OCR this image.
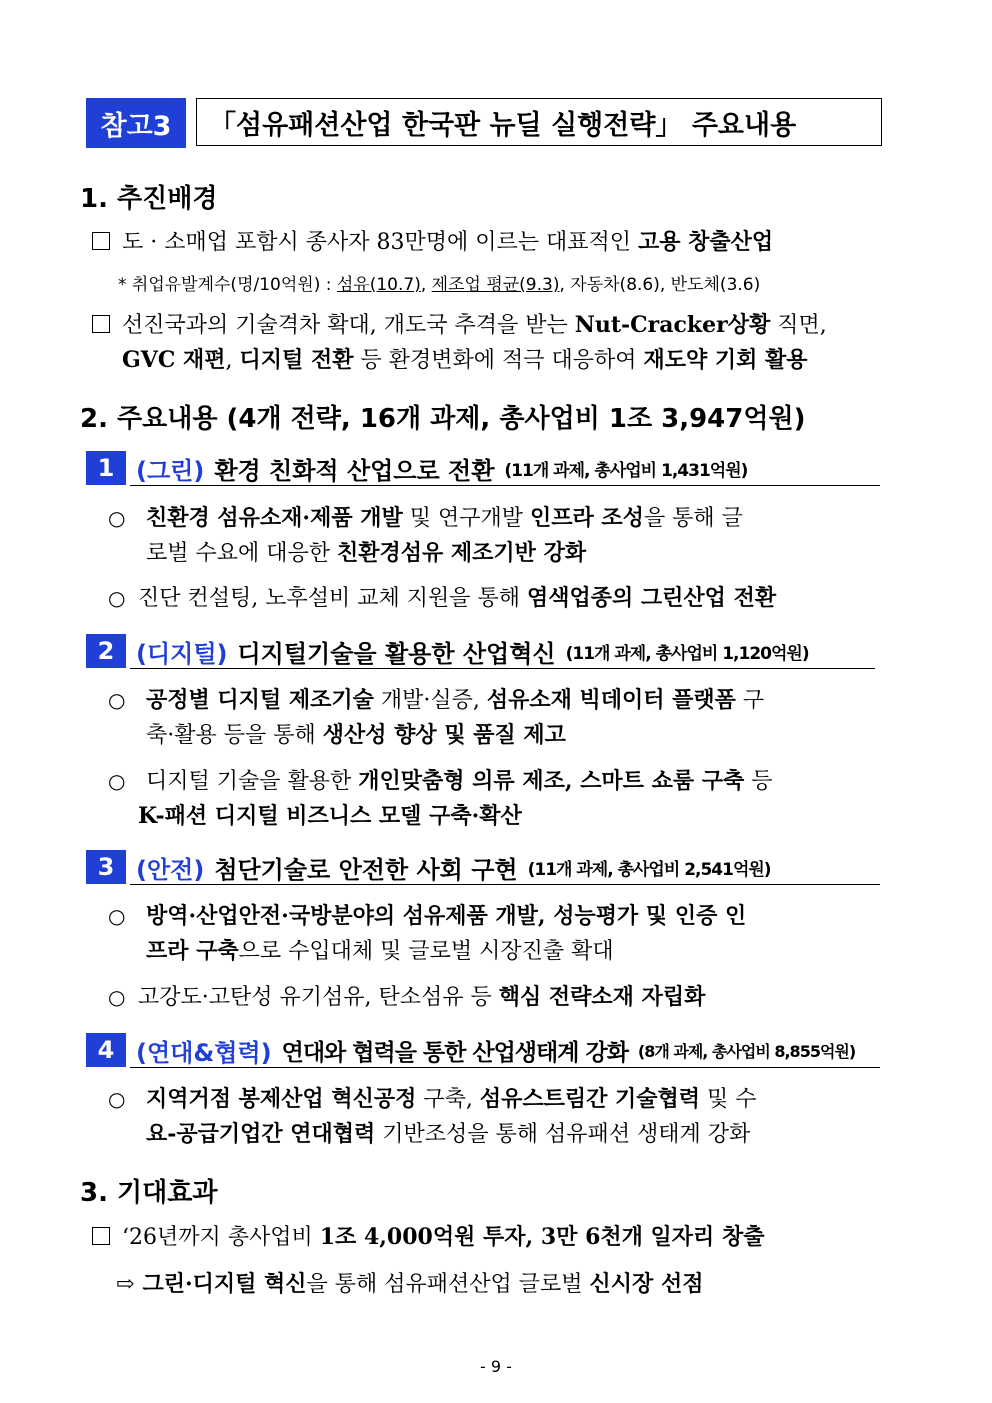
참고3	「섬유패션산업 한국판 뉴딜 실행전략」 주요내용
1. 추진배경
도 · 소매업 포함시 종사자 83만명에 이르는 대표적인 고용 창출산업
* 취업유발계수(명/10억원) : 섬유(10.7), 제조업 평균(9.3), 자동차(8.6), 반도체(3.6)
선진국과의 기술격차 확대, 개도국 추격을 받는 Nut-Cracker상황 직면,
GVC 재편, 디지털 전환 등 환경변화에 적극 대응하여 재도약 기회 활용
2. 주요내용 (4개 전략, 16개 과제, 총사업비 1조 3,947억원)
1 (그린) 환경 친화적 산업으로 전환 (11개 과제, 총사업비 1,431억원)
○ 친환경 섬유소재·제품 개발 및 연구개발 인프라 조성을 통해 글
로벌 수요에 대응한 친환경섬유 제조기반 강화
○ 진단 컨설팅, 노후설비 교체 지원을 통해 염색업종의 그린산업 전환
2 (디지털) 디지털기술을 활용한 산업혁신 (11개 과제, 총사업비 1,120억원)
○ 공정별 디지털 제조기술 개발·실증, 섬유소재 빅데이터 플랫폼 구
축·활용 등을 통해 생산성 향상 및 품질 제고
○ 디지털 기술을 활용한 개인맞춤형 의류 제조, 스마트 쇼룸 구축 등
K-패션 디지털 비즈니스 모델 구축·확산
3 (안전) 첨단기술로 안전한 사회 구현 (11개 과제, 총사업비 2,541억원)
○ 방역·산업안전·국방분야의 섬유제품 개발, 성능평가 및 인증 인
프라 구축으로 수입대체 및 글로벌 시장진출 확대
○ 고강도·고탄성 유기섬유, 탄소섬유 등 핵심 전략소재 자립화
4 (연대&협력) 연대와 협력을 통한 산업생태계 강화 (8개 과제, 총사업비 8,855억원)
○ 지역거점 봉제산업 혁신공정 구축, 섬유스트림간 기술협력 및 수
요-공급기업간 연대협력 기반조성을 통해 섬유패션 생태계 강화
3. 기대효과
‘26년까지 총사업비 1조 4,000억원 투자, 3만 6천개 일자리 창출
⇨ 그린·디지털 혁신을 통해 섬유패션산업 글로벌 신시장 선점
- 9 -
